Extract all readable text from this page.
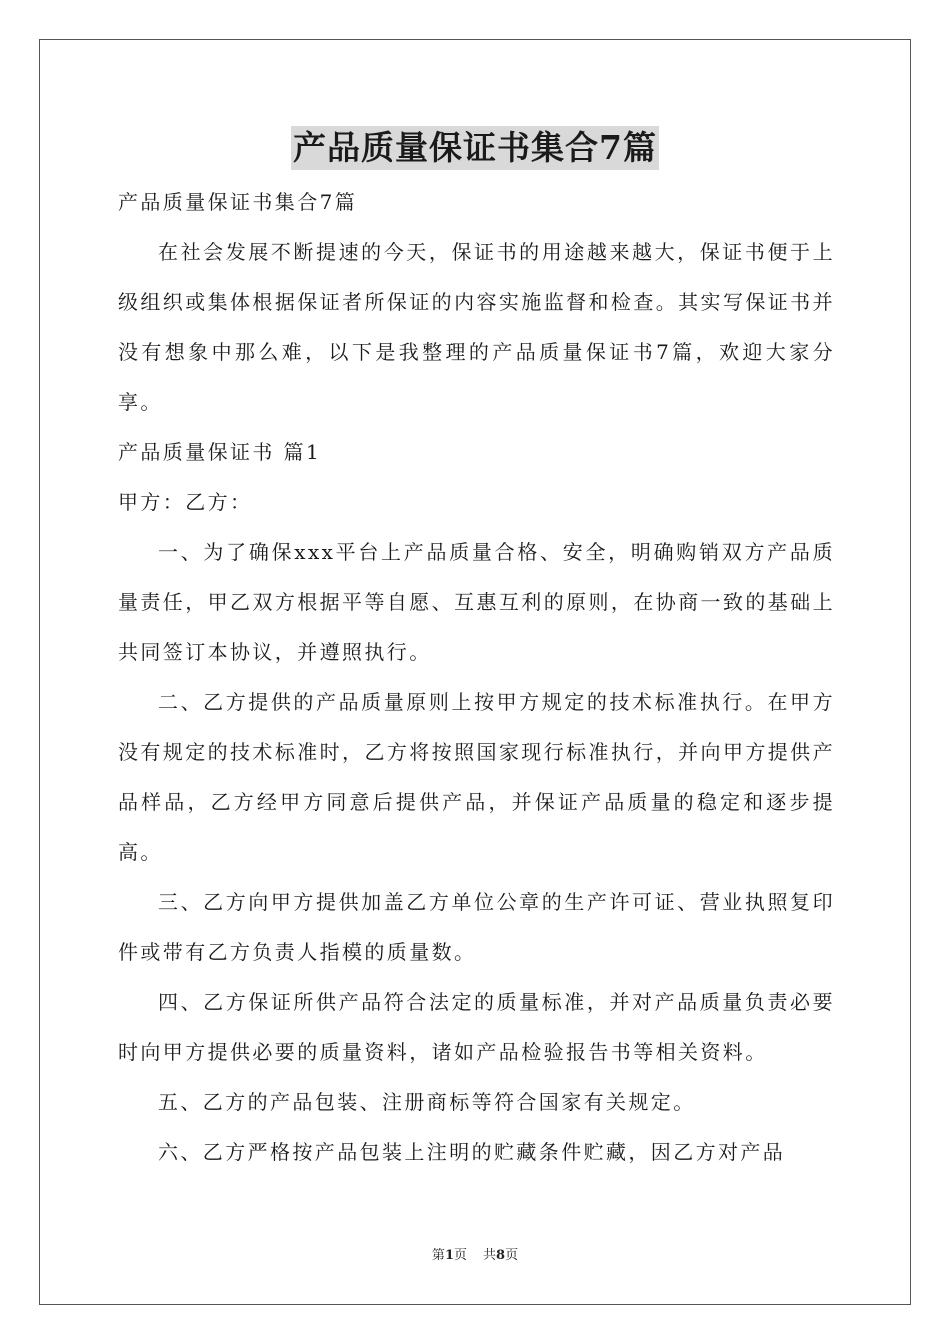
产品质量保证书集合7篇

产品质量保证书集合7篇

在社会发展不断提速的今天，保证书的用途越来越大，保证书便于上级组织或集体根据保证者所保证的内容实施监督和检查。其实写保证书并没有想象中那么难，以下是我整理的产品质量保证书7篇，欢迎大家分享。

产品质量保证书 篇1

甲方：乙方：

一、为了确保xxx平台上产品质量合格、安全，明确购销双方产品质量责任，甲乙双方根据平等自愿、互惠互利的原则，在协商一致的基础上共同签订本协议，并遵照执行。

二、乙方提供的产品质量原则上按甲方规定的技术标准执行。在甲方没有规定的技术标准时，乙方将按照国家现行标准执行，并向甲方提供产品样品，乙方经甲方同意后提供产品，并保证产品质量的稳定和逐步提高。

三、乙方向甲方提供加盖乙方单位公章的生产许可证、营业执照复印件或带有乙方负责人指模的质量数。

四、乙方保证所供产品符合法定的质量标准，并对产品质量负责必要时向甲方提供必要的质量资料，诸如产品检验报告书等相关资料。

五、乙方的产品包装、注册商标等符合国家有关规定。

六、乙方严格按产品包装上注明的贮藏条件贮藏，因乙方对产品

第1页 共8页
